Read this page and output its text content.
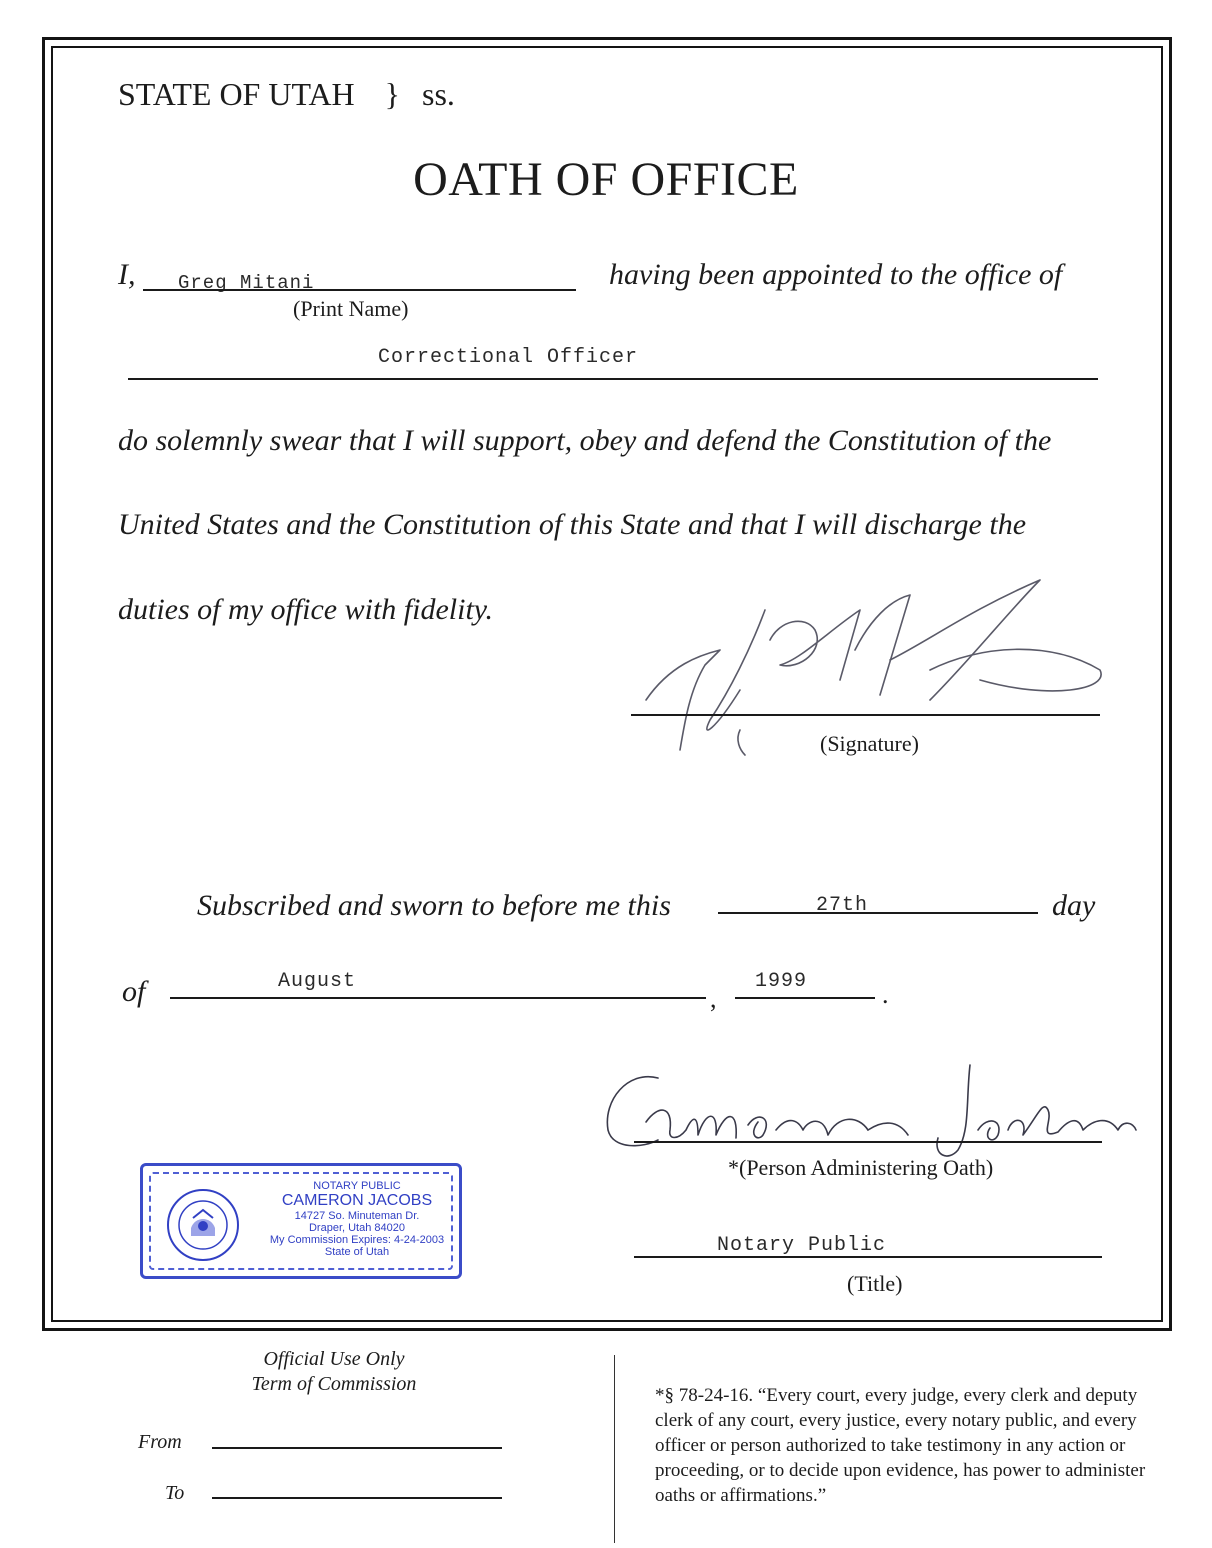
STATE OF UTAH } ss.
OATH OF OFFICE
I, Greg Mitani
(Print Name)
having been appointed to the office of
Correctional Officer
do solemnly swear that I will support, obey and defend the Constitution of the
United States and the Constitution of this State and that I will discharge the
duties of my office with fidelity.
(Signature)
Subscribed and sworn to before me this	27th	day
of	August
,
1999	.
*(Person Administering Oath)
Notary Public
(Title)
NOTARY PUBLIC
CAMERON JACOBS
14727 So. Minuteman Dr.
Draper, Utah 84020
My Commission Expires: 4-24-2003
State of Utah
Official Use Only
Term of Commission
From
To
*§ 78-24-16. “Every court, every judge, every clerk and deputy clerk of any court, every justice, every notary public, and every officer or person authorized to take testimony in any action or proceeding, or to decide upon evidence, has power to administer oaths or affirmations.”
